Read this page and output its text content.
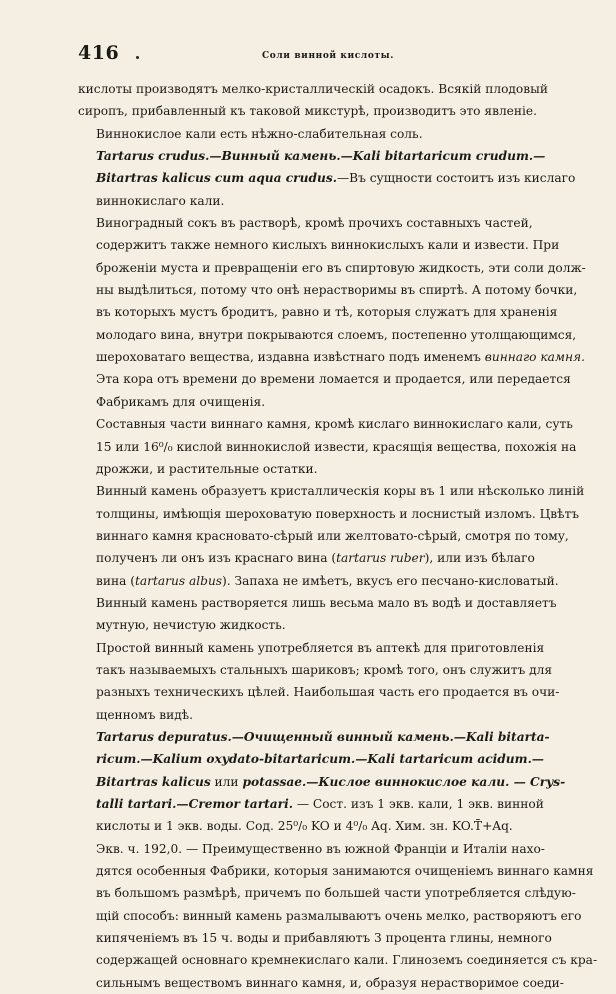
416	Соли винной кислоты.

кислоты производятъ мелко-кристаллическій осадокъ. Всякій плодовый
сиропъ, прибавленный къ таковой микстурѣ, производитъ это явленіе.

Виннокислое кали есть нѣжно-слабительная соль.

Tartarus crudus.—Винный камень.—Kali bitartaricum crudum.—
Bitartras kalicus cum aqua crudus.—Въ сущности состоитъ изъ кислаго
виннокислаго кали.

Виноградный сокъ въ растворѣ, кромѣ прочихъ составныхъ частей,
содержитъ также немного кислыхъ виннокислыхъ кали и извести. При
броженіи муста и превращеніи его въ спиртовую жидкость, эти соли долж-
ны выдѣлиться, потому что онѣ нерастворимы въ спиртѣ. А потому бочки,
въ которыхъ мустъ бродитъ, равно и тѣ, которыя служатъ для храненія
молодаго вина, внутри покрываются слоемъ, постепенно утолщающимся,
шероховатаго вещества, издавна извѣстнаго подъ именемъ виннаго камня.
Эта кора отъ времени до времени ломается и продается, или передается
Фабрикамъ для очищенія.

Составныя части виннаго камня, кромѣ кислаго виннокислаго кали, суть
15 или 16⁰/₀ кислой виннокислой извести, красящія вещества, похожія на
дрожжи, и растительные остатки.

Винный камень образуетъ кристаллическія коры въ 1 или нѣсколько линій
толщины, имѣющія шероховатую поверхность и лоснистый изломъ. Цвѣтъ
виннаго камня красновато-сѣрый или желтовато-сѣрый, смотря по тому,
полученъ ли онъ изъ краснаго вина (tartarus ruber), или изъ бѣлаго
вина (tartarus albus). Запаха не имѣетъ, вкусъ его песчано-кисловатый.
Винный камень растворяется лишь весьма мало въ водѣ и доставляетъ
мутную, нечистую жидкость.

Простой винный камень употребляется въ аптекѣ для приготовленія
такъ называемыхъ стальныхъ шариковъ; кромѣ того, онъ служитъ для
разныхъ техническихъ цѣлей. Наибольшая часть его продается въ очи-
щенномъ видѣ.

Tartarus depuratus.—Очищенный винный камень.—Kali bitarta-
ricum.—Kalium oxydato-bitartaricum.—Kali tartaricum acidum.—
Bitartras kalicus или potassae.—Кислое виннокислое кали. — Crys-
talli tartari.—Cremor tartari. — Сост. изъ 1 экв. кали, 1 экв. винной
кислоты и 1 экв. воды. Сод. 25⁰/₀ KO и 4⁰/₀ Aq. Хим. зн. KO.T̄+Aq.
Экв. ч. 192,0. — Преимущественно въ южной Франціи и Италіи нахо-
дятся особенныя Фабрики, которыя занимаются очищеніемъ виннаго камня
въ большомъ размѣрѣ, причемъ по большей части употребляется слѣдую-
щій способъ: винный камень размалываютъ очень мелко, растворяютъ его
кипяченіемъ въ 15 ч. воды и прибавляютъ 3 процента глины, немного
содержащей основнаго кремнекислаго кали. Глиноземъ соединяется съ кра-
сильнымъ веществомъ виннаго камня, и, образуя нерастворимое соеди-
